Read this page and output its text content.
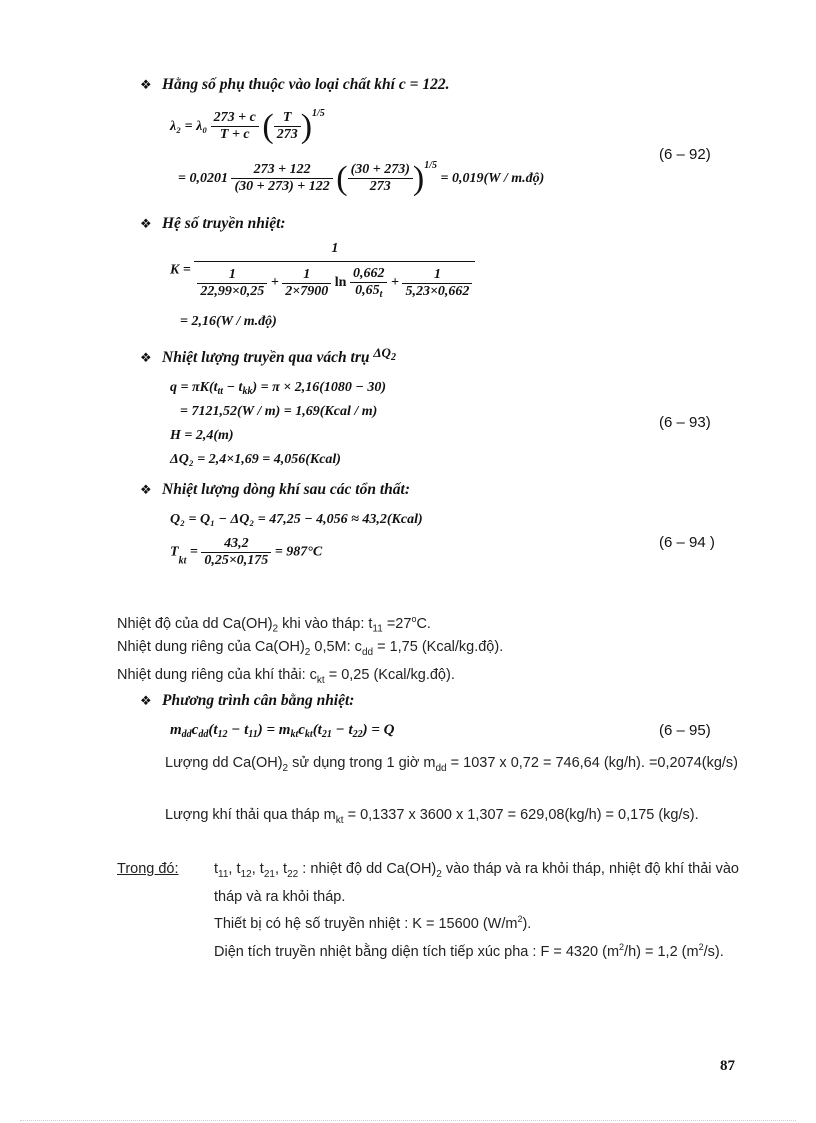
❖ Hằng số phụ thuộc vào loại chất khí c = 122.
$\lambda_2 = \lambda_0 \frac{273 + c}{T + c}$ ( $\frac{T}{273} )^{1/5}$
= $0,0201 \frac{273 + 122}{(30 + 273) + 122}$ ( $\frac{(30 + 273)}{273} )^{1/5} = 0,019(W$ / m.độ)
(6 – 92)
❖ Hệ số truyền nhiệt:
K =
1
$\frac{1}{22,99\times 0,25} + \frac{1}{2\times 7900}$ $\ln \frac{0,662}{0,65_t} + \frac{1}{5,23\times 0,662}$
= 2,16(W / m.độ)
❖ Nhiệt lượng truyền qua vách trụ $^{\Delta Q_2}$
$q = \pi K(t_{tt} - t_{kk}) = \pi \times 2,16(1080 - 30)$
= 7121,52(W / m) = 1,69(Kcal / m)
H = 2,4(m)
ΔQ₂ = 2,4×1,69 = 4,056(Kcal)
(6 – 93)
❖ Nhiệt lượng dòng khí sau các tổn thất:
Q₂ = Q₁ − ΔQ₂ = 47,25 − 4,056 ≈ 43,2(Kcal)
$T_{kt} = \frac{43,2}{0,25\times 0,175} = 987^\circ C$
(6 – 94 )
Nhiệt độ của dd $Ca(OH)_2$ khi vào tháp: $t_{11} =27^oC$.
Nhiệt dung riêng của $Ca(OH)_2$ 0,5M: $c_{dd} = 1,75$ (Kcal/kg.độ).
Nhiệt dung riêng của khí thải: $c_{kt} = 0,25$ (Kcal/kg.độ).
❖ Phương trình cân bằng nhiệt:
$m_{dd}c_{dd}(t_{12} - t_{11}) = m_{kt}c_{kt}(t_{21} - t_{22}) = Q$	(6 – 95)
Lượng dd $Ca(OH)_2$ sử dụng trong 1 giờ $m_{dd} = 1037$ x 0,72 = 746,64 (kg/h). =0,2074(kg/s)
Lượng khí thải qua tháp $m_{kt} = 0,1337$ x 3600 x 1,307 = 629,08(kg/h) = 0,175 (kg/s).
Trong đó: $t_{11}$, $t_{12}$, $t_{21}$, $t_{22}$ : nhiệt độ dd $Ca(OH)_2$ vào tháp và ra khỏi tháp, nhiệt độ khí thải vào tháp và ra khỏi tháp.
Thiết bị có hệ số truyền nhiệt : K = 15600 $(W/m^2)$.
Diện tích truyền nhiệt bằng diện tích tiếp xúc pha : F = 4320 $(m^2/h) = 1,2$ $(m^2/s)$.
87
